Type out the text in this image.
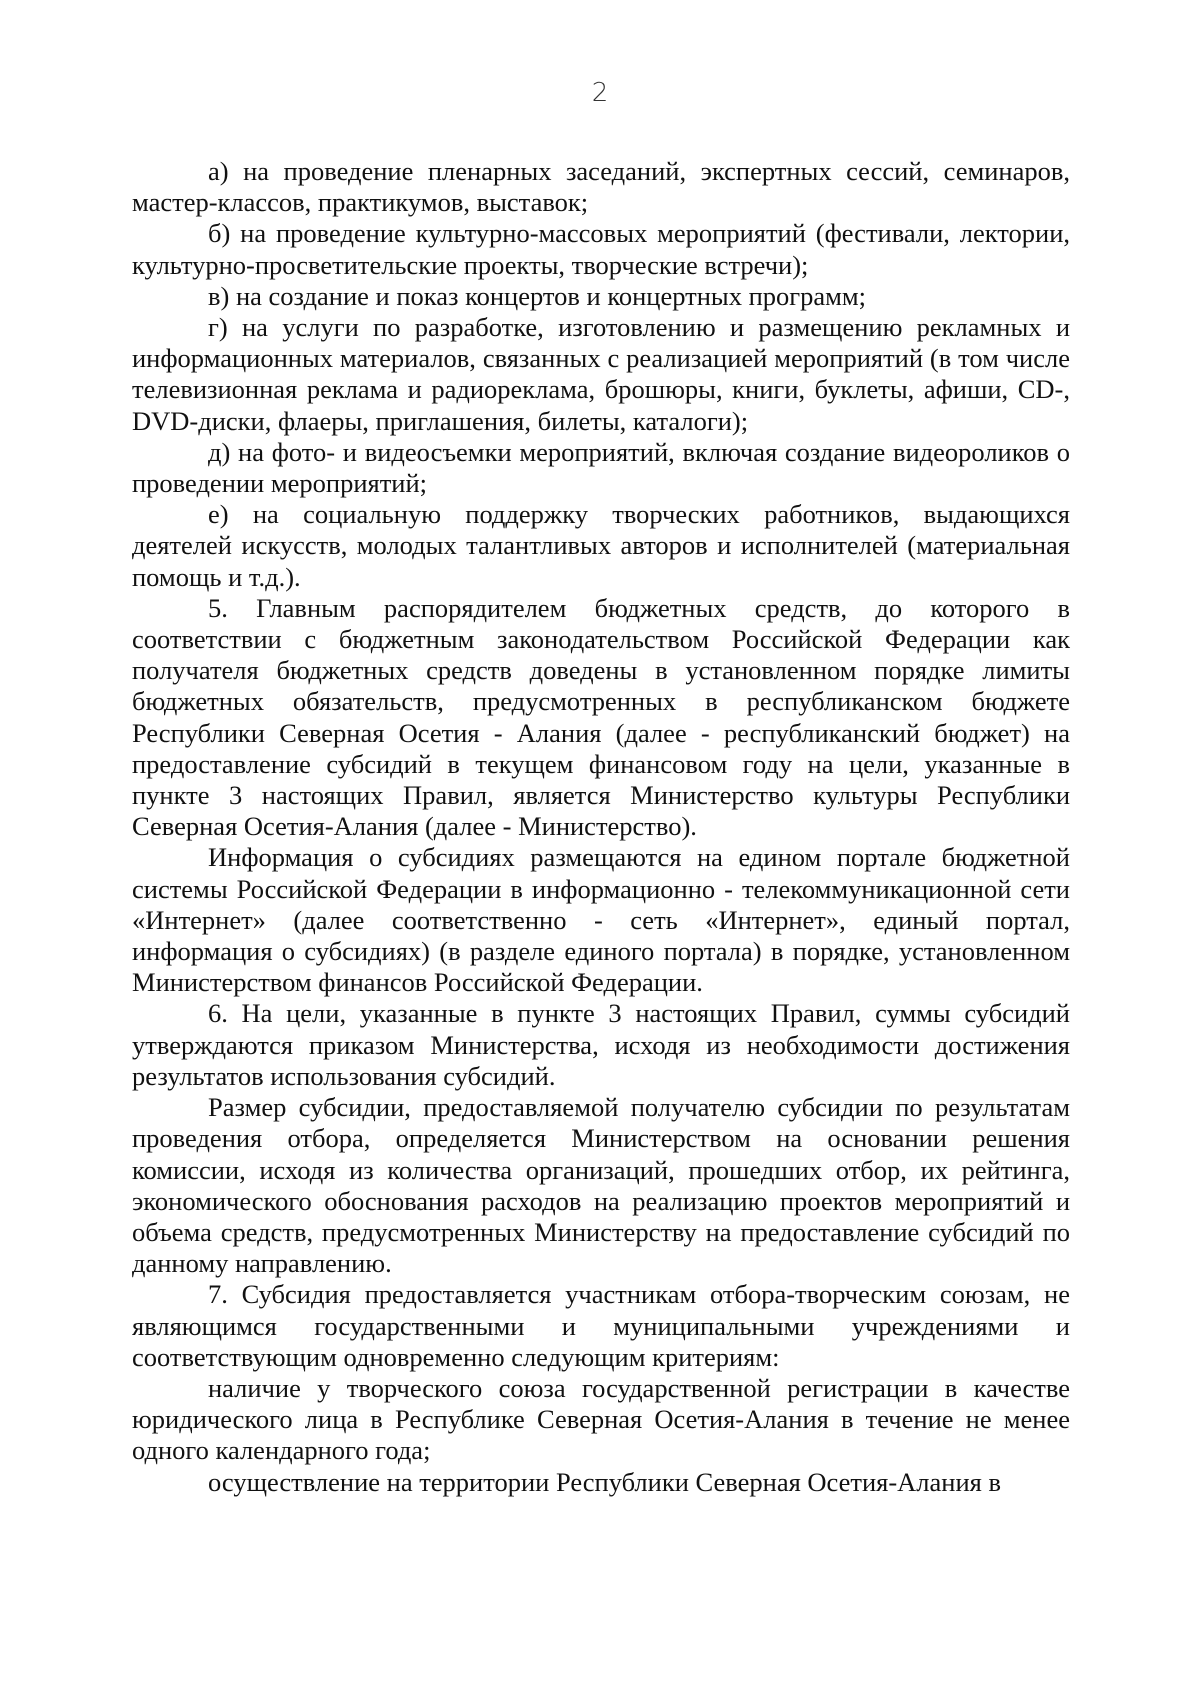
2

а) на проведение пленарных заседаний, экспертных сессий, семинаров, мастер-классов, практикумов, выставок;

б) на проведение культурно-массовых мероприятий (фестивали, лектории, культурно-просветительские проекты, творческие встречи);

в) на создание и показ концертов и концертных программ;

г) на услуги по разработке, изготовлению и размещению рекламных и информационных материалов, связанных с реализацией мероприятий (в том числе телевизионная реклама и радиореклама, брошюры, книги, буклеты, афиши, CD-, DVD-диски, флаеры, приглашения, билеты, каталоги);

д) на фото- и видеосъемки мероприятий, включая создание видеороликов о проведении мероприятий;

е) на социальную поддержку творческих работников, выдающихся деятелей искусств, молодых талантливых авторов и исполнителей (материальная помощь и т.д.).

5. Главным распорядителем бюджетных средств, до которого в соответствии с бюджетным законодательством Российской Федерации как получателя бюджетных средств доведены в установленном порядке лимиты бюджетных обязательств, предусмотренных в республиканском бюджете Республики Северная Осетия - Алания (далее - республиканский бюджет) на предоставление субсидий в текущем финансовом году на цели, указанные в пункте 3 настоящих Правил, является Министерство культуры Республики Северная Осетия-Алания (далее - Министерство).

Информация о субсидиях размещаются на едином портале бюджетной системы Российской Федерации в информационно - телекоммуникационной сети «Интернет» (далее соответственно - сеть «Интернет», единый портал, информация о субсидиях) (в разделе единого портала) в порядке, установленном Министерством финансов Российской Федерации.

6. На цели, указанные в пункте 3 настоящих Правил, суммы субсидий утверждаются приказом Министерства, исходя из необходимости достижения результатов использования субсидий.

Размер субсидии, предоставляемой получателю субсидии по результатам проведения отбора, определяется Министерством на основании решения комиссии, исходя из количества организаций, прошедших отбор, их рейтинга, экономического обоснования расходов на реализацию проектов мероприятий и объема средств, предусмотренных Министерству на предоставление субсидий по данному направлению.

7. Субсидия предоставляется участникам отбора-творческим союзам, не являющимся государственными и муниципальными учреждениями и соответствующим одновременно следующим критериям:

наличие у творческого союза государственной регистрации в качестве юридического лица в Республике Северная Осетия-Алания в течение не менее одного календарного года;

осуществление на территории Республики Северная Осетия-Алания в
